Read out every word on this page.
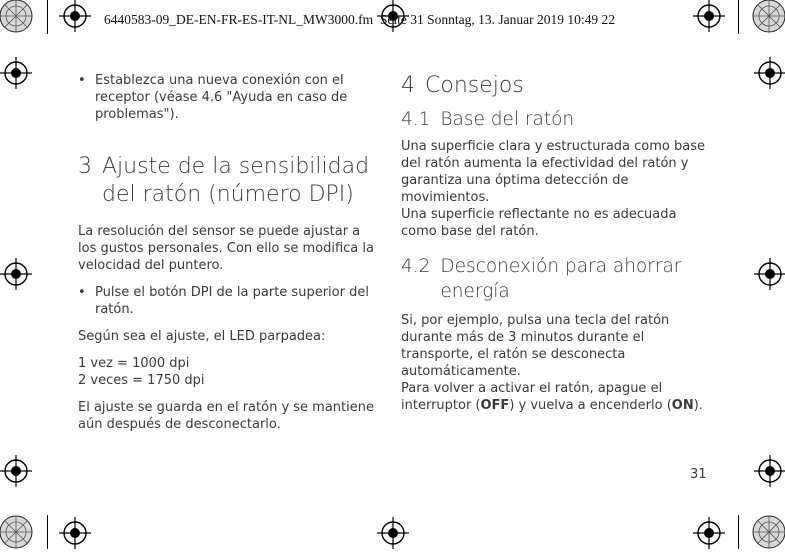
6440583-09_DE-EN-FR-ES-IT-NL_MW3000.fm Seite 31 Sonntag, 13. Januar 2019 10:49 22
• Establezca una nueva conexión con el receptor (véase 4.6 "Ayuda en caso de problemas").
3 Ajuste de la sensibilidad del ratón (número DPI)

La resolución del sensor se puede ajustar a los gustos personales. Con ello se modifica la velocidad del puntero.

• Pulse el botón DPI de la parte superior del ratón.

Según sea el ajuste, el LED parpadea:

1 vez = 1000 dpi
2 veces = 1750 dpi

El ajuste se guarda en el ratón y se mantiene aún después de desconectarlo.

4 Consejos
4.1 Base del ratón

Una superficie clara y estructurada como base del ratón aumenta la efectividad del ratón y garantiza una óptima detección de movimientos.
Una superficie reflectante no es adecuada como base del ratón.

4.2 Desconexión para ahorrar energía

Si, por ejemplo, pulsa una tecla del ratón durante más de 3 minutos durante el transporte, el ratón se desconecta automáticamente.
Para volver a activar el ratón, apague el interruptor (OFF) y vuelva a encenderlo (ON).

31
